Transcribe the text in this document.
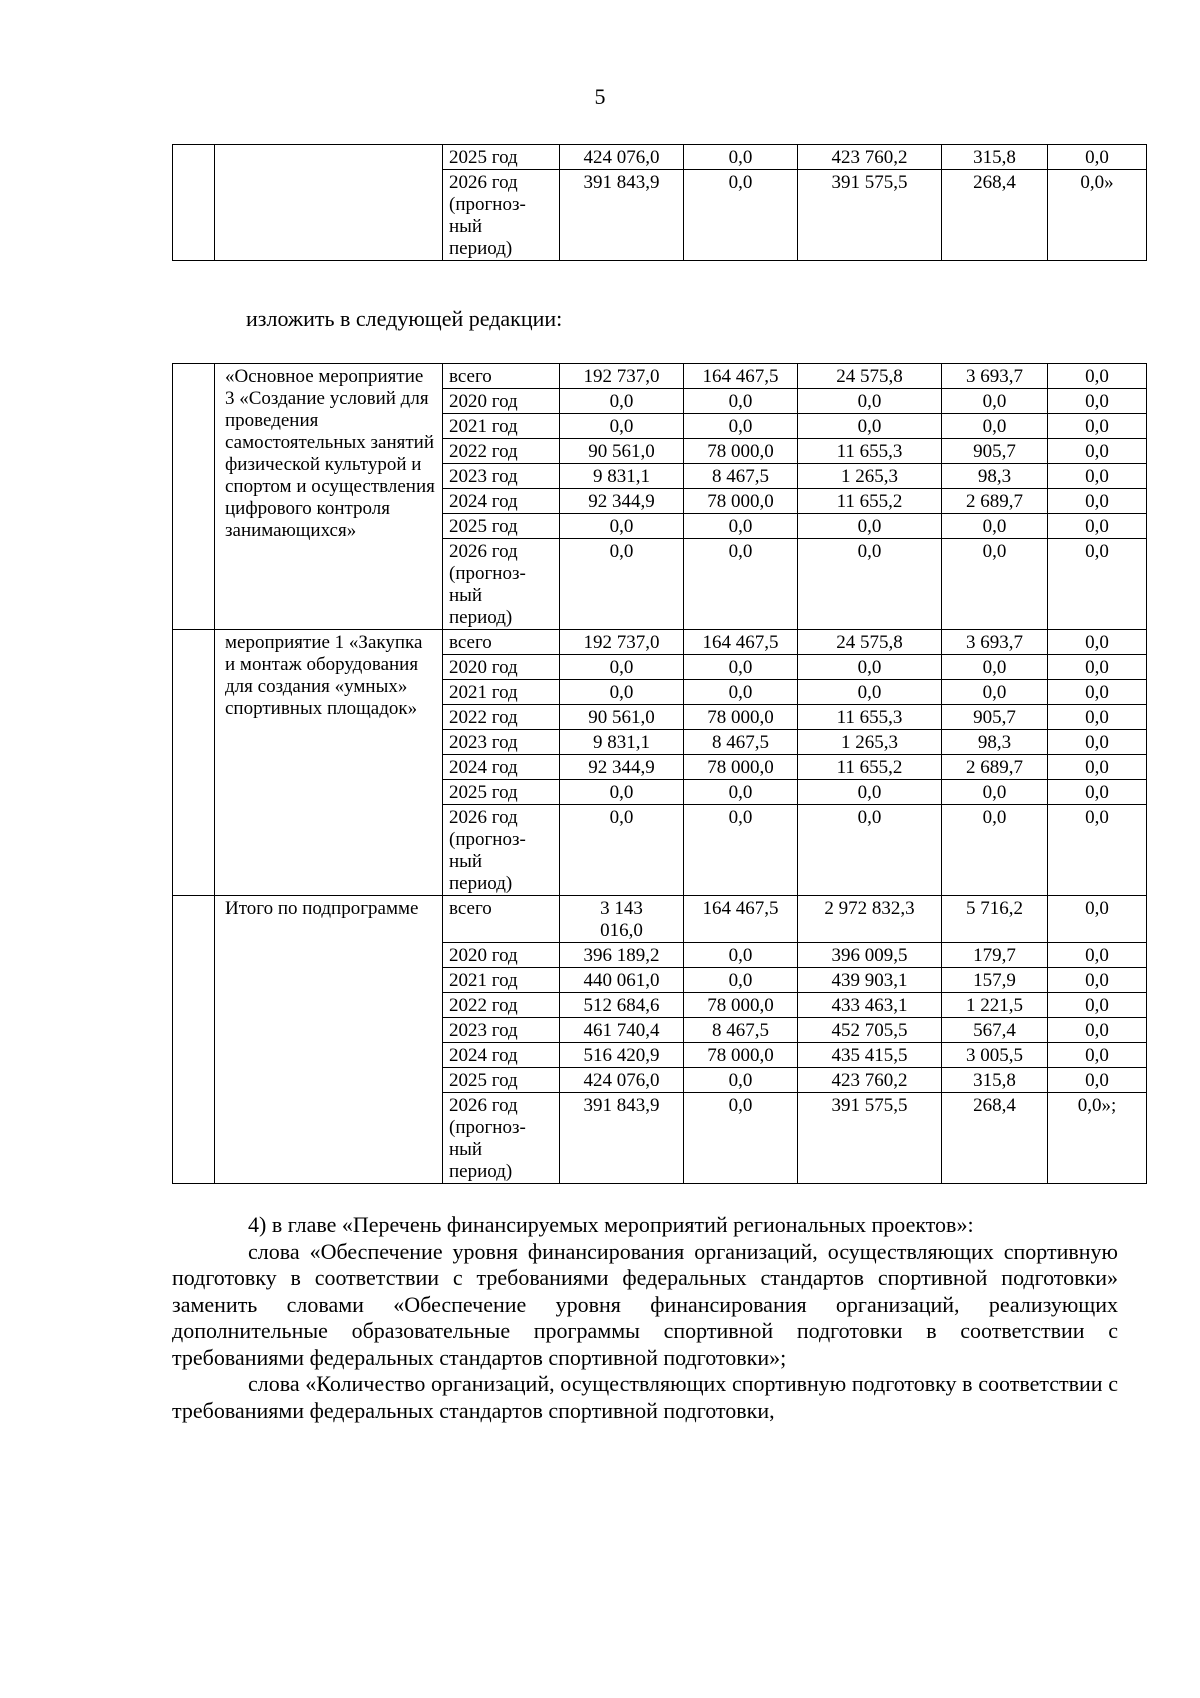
5
		2025 год	424 076,0	0,0	423 760,2	315,8	0,0
		2026 год
(прогноз-
ный
период)	391 843,9	0,0	391 575,5	268,4	0,0»
изложить в следующей редакции:
	«Основное мероприятие 3 «Создание условий для проведения самостоятельных занятий физической культурой и спортом и осуществления цифрового контроля занимающихся»	всего	192 737,0	164 467,5	24 575,8	3 693,7	0,0
		2020 год	0,0	0,0	0,0	0,0	0,0
		2021 год	0,0	0,0	0,0	0,0	0,0
		2022 год	90 561,0	78 000,0	11 655,3	905,7	0,0
		2023 год	9 831,1	8 467,5	1 265,3	98,3	0,0
		2024 год	92 344,9	78 000,0	11 655,2	2 689,7	0,0
		2025 год	0,0	0,0	0,0	0,0	0,0
		2026 год
(прогноз-
ный
период)	0,0	0,0	0,0	0,0	0,0
	мероприятие 1 «Закупка и монтаж оборудования для создания «умных» спортивных площадок»	всего	192 737,0	164 467,5	24 575,8	3 693,7	0,0
		2020 год	0,0	0,0	0,0	0,0	0,0
		2021 год	0,0	0,0	0,0	0,0	0,0
		2022 год	90 561,0	78 000,0	11 655,3	905,7	0,0
		2023 год	9 831,1	8 467,5	1 265,3	98,3	0,0
		2024 год	92 344,9	78 000,0	11 655,2	2 689,7	0,0
		2025 год	0,0	0,0	0,0	0,0	0,0
		2026 год
(прогноз-
ный
период)	0,0	0,0	0,0	0,0	0,0
	Итого по подпрограмме	всего	3 143
016,0	164 467,5	2 972 832,3	5 716,2	0,0
		2020 год	396 189,2	0,0	396 009,5	179,7	0,0
		2021 год	440 061,0	0,0	439 903,1	157,9	0,0
		2022 год	512 684,6	78 000,0	433 463,1	1 221,5	0,0
		2023 год	461 740,4	8 467,5	452 705,5	567,4	0,0
		2024 год	516 420,9	78 000,0	435 415,5	3 005,5	0,0
		2025 год	424 076,0	0,0	423 760,2	315,8	0,0
		2026 год
(прогноз-
ный
период)	391 843,9	0,0	391 575,5	268,4	0,0»;

4) в главе «Перечень финансируемых мероприятий региональных проектов»:

слова «Обеспечение уровня финансирования организаций, осуществляющих спортивную подготовку в соответствии с требованиями федеральных стандартов спортивной подготовки» заменить словами «Обеспечение уровня финансирования организаций, реализующих дополнительные образовательные программы спортивной подготовки в соответствии с требованиями федеральных стандартов спортивной подготовки»;

слова «Количество организаций, осуществляющих спортивную подготовку в соответствии с требованиями федеральных стандартов спортивной подготовки,
